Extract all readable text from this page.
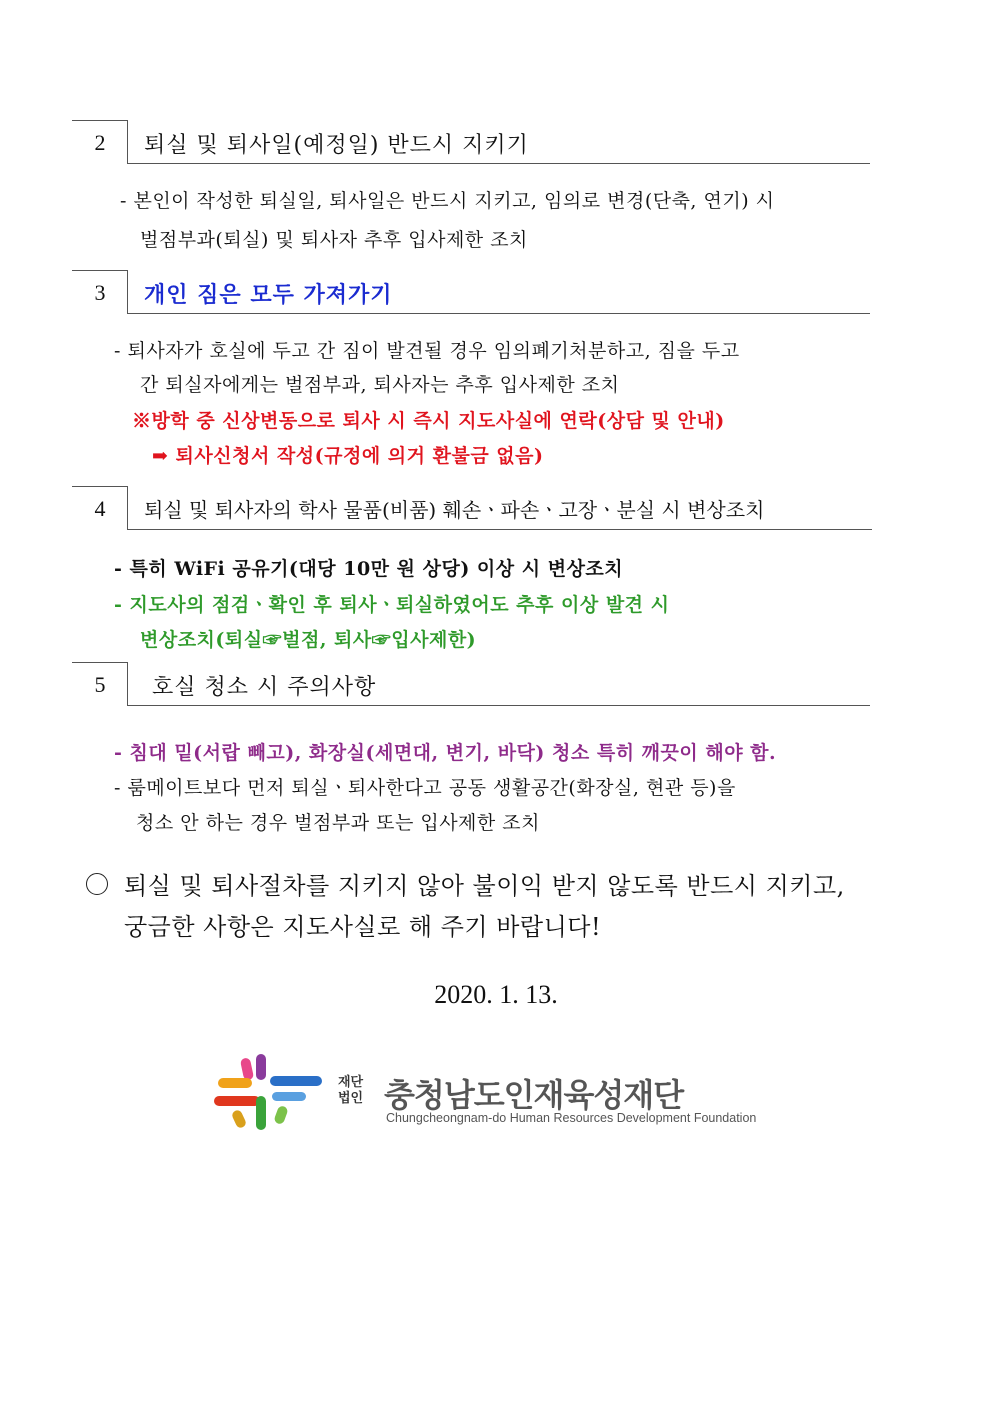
2	퇴실 및 퇴사일(예정일) 반드시 지키기
- 본인이 작성한 퇴실일, 퇴사일은 반드시 지키고, 임의로 변경(단축, 연기) 시
벌점부과(퇴실) 및 퇴사자 추후 입사제한 조치
3	개인 짐은 모두 가져가기
- 퇴사자가 호실에 두고 간 짐이 발견될 경우 임의폐기처분하고, 짐을 두고
간 퇴실자에게는 벌점부과, 퇴사자는 추후 입사제한 조치
※방학 중 신상변동으로 퇴사 시 즉시 지도사실에 연락(상담 및 안내)
➡ 퇴사신청서 작성(규정에 의거 환불금 없음)
4	퇴실 및 퇴사자의 학사 물품(비품) 훼손ㆍ파손ㆍ고장ㆍ분실 시 변상조치
- 특히 WiFi 공유기(대당 10만 원 상당) 이상 시 변상조치
- 지도사의 점검ㆍ확인 후 퇴사ㆍ퇴실하였어도 추후 이상 발견 시
변상조치(퇴실☞벌점, 퇴사☞입사제한)
5	호실 청소 시 주의사항
- 침대 밑(서랍 빼고), 화장실(세면대, 변기, 바닥) 청소 특히 깨끗이 해야 함.
- 룸메이트보다 먼저 퇴실ㆍ퇴사한다고 공동 생활공간(화장실, 현관 등)을
청소 안 하는 경우 벌점부과 또는 입사제한 조치
퇴실 및 퇴사절차를 지키지 않아 불이익 받지 않도록 반드시 지키고,
궁금한 사항은 지도사실로 해 주기 바랍니다!
2020. 1. 13.
재단
법인 충청남도인재육성재단
Chungcheongnam-do Human Resources Development Foundation
